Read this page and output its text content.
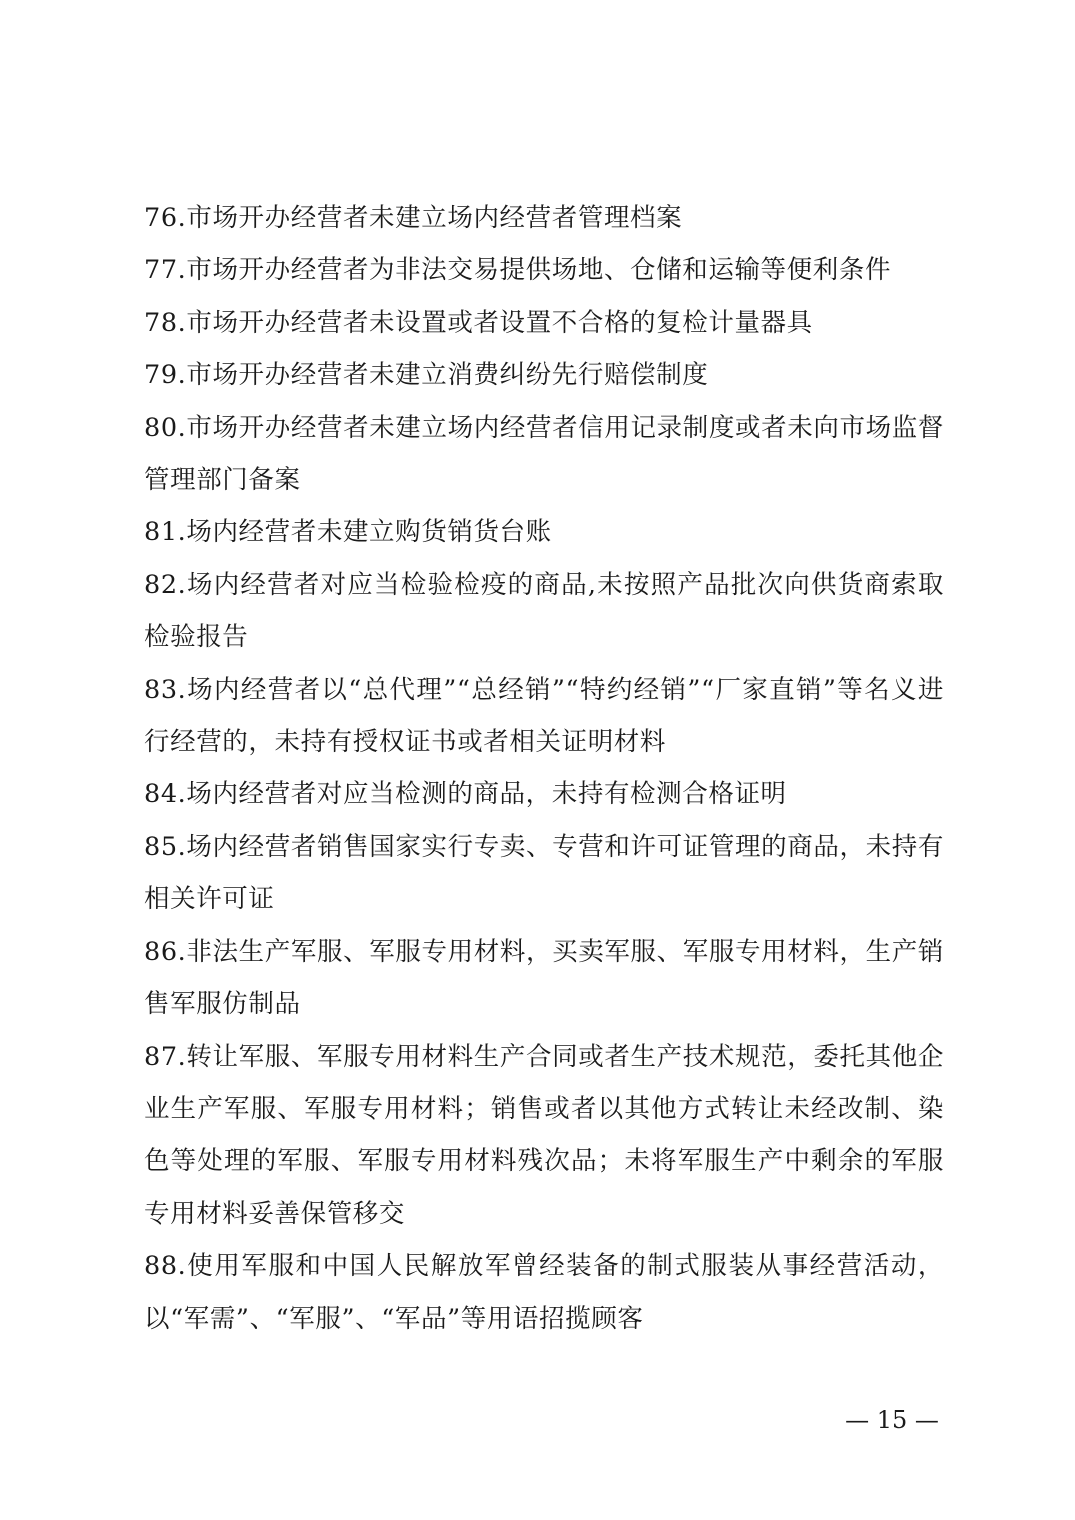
76.市场开办经营者未建立场内经营者管理档案

77.市场开办经营者为非法交易提供场地、仓储和运输等便利条件

78.市场开办经营者未设置或者设置不合格的复检计量器具

79.市场开办经营者未建立消费纠纷先行赔偿制度

80.市场开办经营者未建立场内经营者信用记录制度或者未向市场监督管理部门备案

81.场内经营者未建立购货销货台账

82.场内经营者对应当检验检疫的商品,未按照产品批次向供货商索取检验报告

83.场内经营者以“总代理”“总经销”“特约经销”“厂家直销”等名义进行经营的，未持有授权证书或者相关证明材料

84.场内经营者对应当检测的商品，未持有检测合格证明

85.场内经营者销售国家实行专卖、专营和许可证管理的商品，未持有相关许可证

86.非法生产军服、军服专用材料，买卖军服、军服专用材料，生产销售军服仿制品

87.转让军服、军服专用材料生产合同或者生产技术规范，委托其他企业生产军服、军服专用材料；销售或者以其他方式转让未经改制、染色等处理的军服、军服专用材料残次品；未将军服生产中剩余的军服专用材料妥善保管移交

88.使用军服和中国人民解放军曾经装备的制式服装从事经营活动，以“军需”、“军服”、“军品”等用语招揽顾客

— 15 —
